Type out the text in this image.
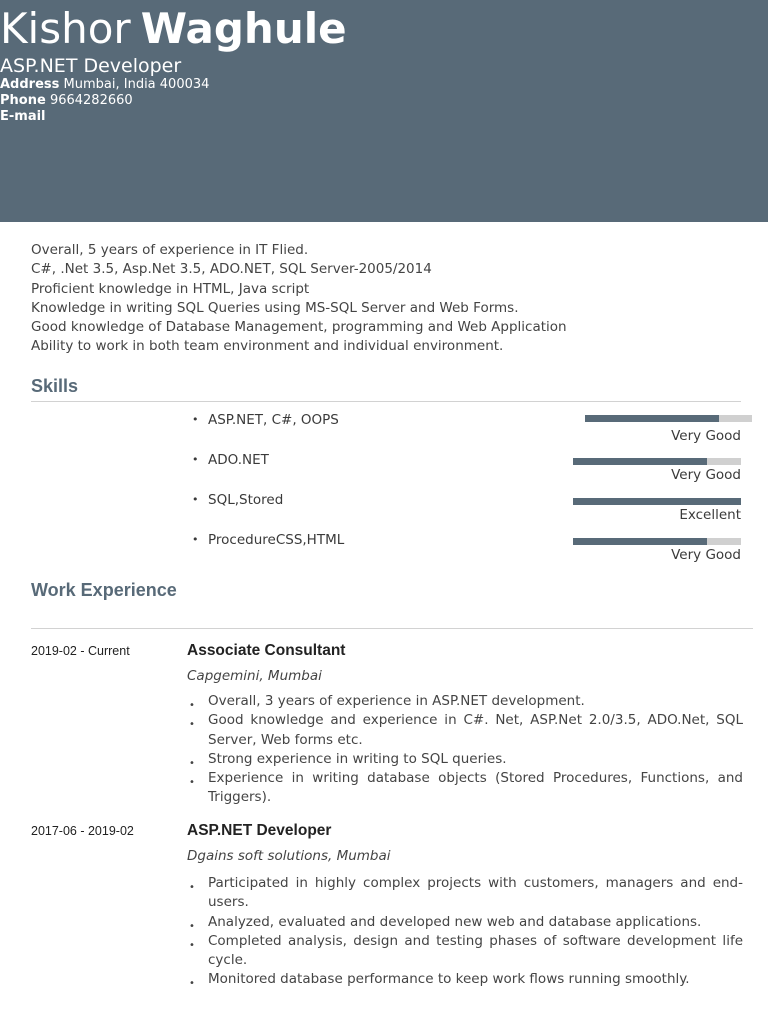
Kishor Waghule
ASP.NET Developer
Address Mumbai, India 400034
Phone 9664282660
E-mail
Overall, 5 years of experience in IT Flied.
C#, .Net 3.5, Asp.Net 3.5, ADO.NET, SQL Server-2005/2014
Proficient knowledge in HTML, Java script
Knowledge in writing SQL Queries using MS-SQL Server and Web Forms.
Good knowledge of Database Management, programming and Web Application
Ability to work in both team environment and individual environment.
Skills
• ASP.NET, C#, OOPS
Very Good
• ADO.NET
Very Good
• SQL,Stored
Excellent
• ProcedureCSS,HTML
Very Good
Work Experience
2019-02 - Current	Associate Consultant
Capgemini, Mumbai
• Overall, 3 years of experience in ASP.NET development.
• Good knowledge and experience in C#. Net, ASP.Net 2.0/3.5, ADO.Net, SQL Server, Web forms etc.
• Strong experience in writing to SQL queries.
• Experience in writing database objects (Stored Procedures, Functions, and Triggers).
2017-06 - 2019-02	ASP.NET Developer
Dgains soft solutions, Mumbai
• Participated in highly complex projects with customers, managers and end- users.
• Analyzed, evaluated and developed new web and database applications.
• Completed analysis, design and testing phases of software development life cycle.
• Monitored database performance to keep work flows running smoothly.
